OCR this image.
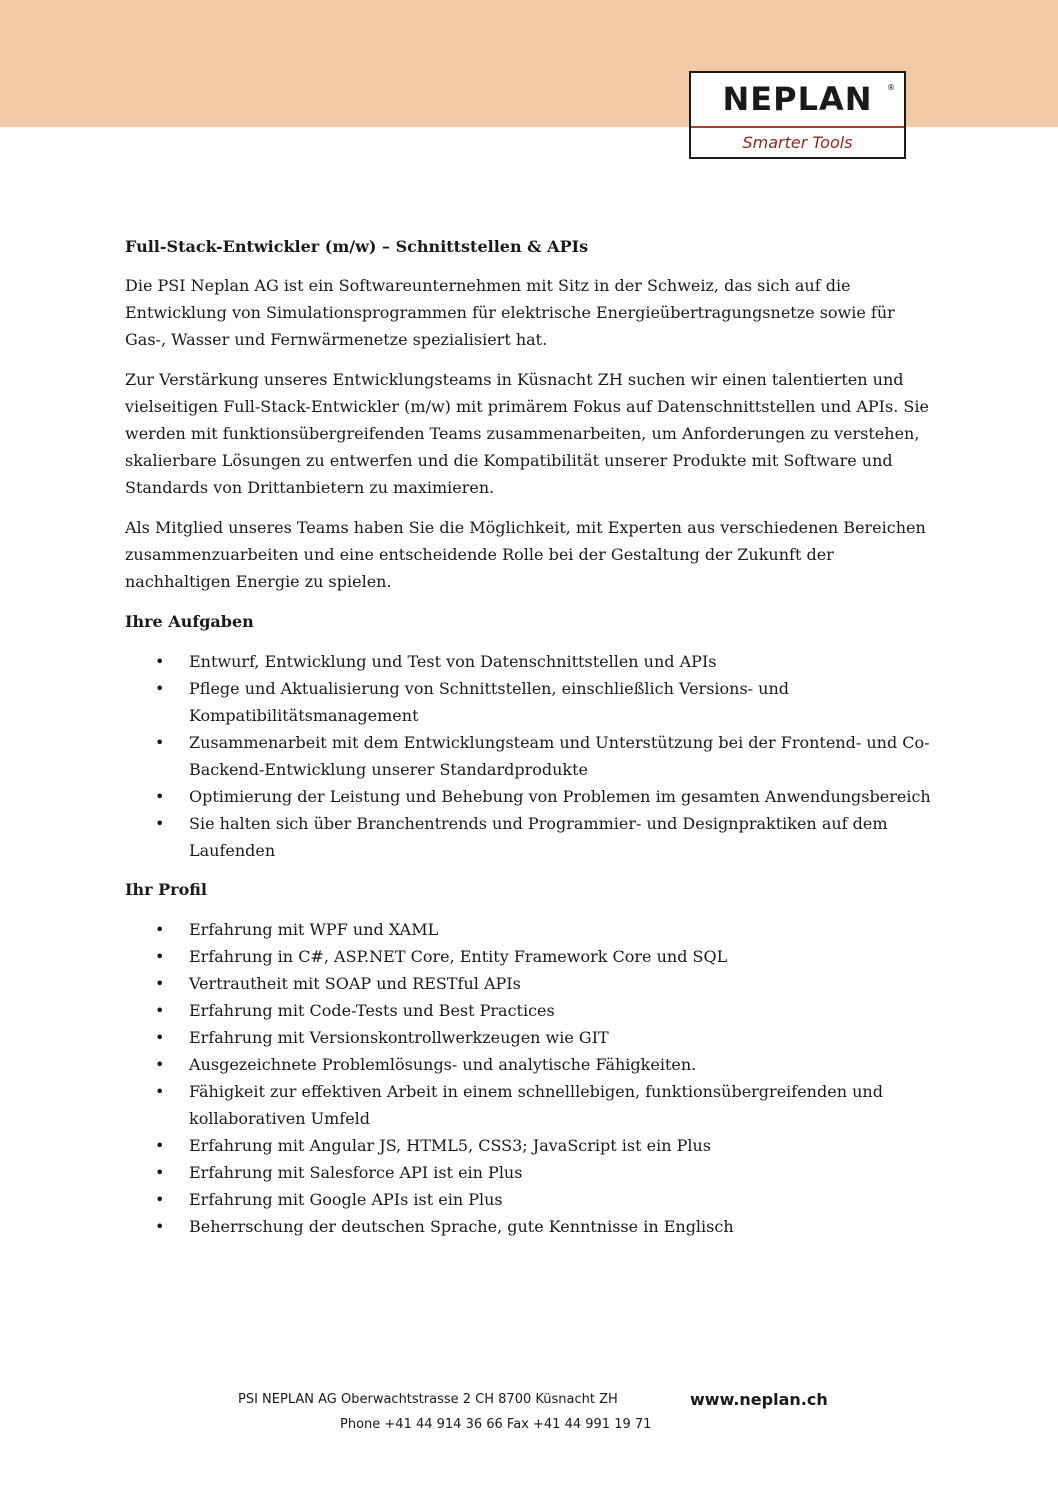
NEPLAN	®
Smarter Tools
Full-Stack-Entwickler (m/w) – Schnittstellen & APIs

Die PSI Neplan AG ist ein Softwareunternehmen mit Sitz in der Schweiz, das sich auf die Entwicklung von Simulationsprogrammen für elektrische Energieübertragungsnetze sowie für Gas-, Wasser und Fernwärmenetze spezialisiert hat.

Zur Verstärkung unseres Entwicklungsteams in Küsnacht ZH suchen wir einen talentierten und vielseitigen Full-Stack-Entwickler (m/w) mit primärem Fokus auf Datenschnittstellen und APIs. Sie werden mit funktionsübergreifenden Teams zusammenarbeiten, um Anforderungen zu verstehen, skalierbare Lösungen zu entwerfen und die Kompatibilität unserer Produkte mit Software und Standards von Drittanbietern zu maximieren.

Als Mitglied unseres Teams haben Sie die Möglichkeit, mit Experten aus verschiedenen Bereichen zusammenzuarbeiten und eine entscheidende Rolle bei der Gestaltung der Zukunft der nachhaltigen Energie zu spielen.

Ihre Aufgaben
• Entwurf, Entwicklung und Test von Datenschnittstellen und APIs
• Pflege und Aktualisierung von Schnittstellen, einschließlich Versions- und Kompatibilitätsmanagement
• Zusammenarbeit mit dem Entwicklungsteam und Unterstützung bei der Frontend- und Co-Backend-Entwicklung unserer Standardprodukte
• Optimierung der Leistung und Behebung von Problemen im gesamten Anwendungsbereich
• Sie halten sich über Branchentrends und Programmier- und Designpraktiken auf dem Laufenden
Ihr Profil
• Erfahrung mit WPF und XAML
• Erfahrung in C#, ASP.NET Core, Entity Framework Core und SQL
• Vertrautheit mit SOAP und RESTful APIs
• Erfahrung mit Code-Tests und Best Practices
• Erfahrung mit Versionskontrollwerkzeugen wie GIT
• Ausgezeichnete Problemlösungs- und analytische Fähigkeiten.
• Fähigkeit zur effektiven Arbeit in einem schnelllebigen, funktionsübergreifenden und kollaborativen Umfeld
• Erfahrung mit Angular JS, HTML5, CSS3; JavaScript ist ein Plus
• Erfahrung mit Salesforce API ist ein Plus
• Erfahrung mit Google APIs ist ein Plus
• Beherrschung der deutschen Sprache, gute Kenntnisse in Englisch
PSI NEPLAN AG Oberwachtstrasse 2 CH 8700 Küsnacht ZH	www.neplan.ch
Phone +41 44 914 36 66 Fax +41 44 991 19 71
